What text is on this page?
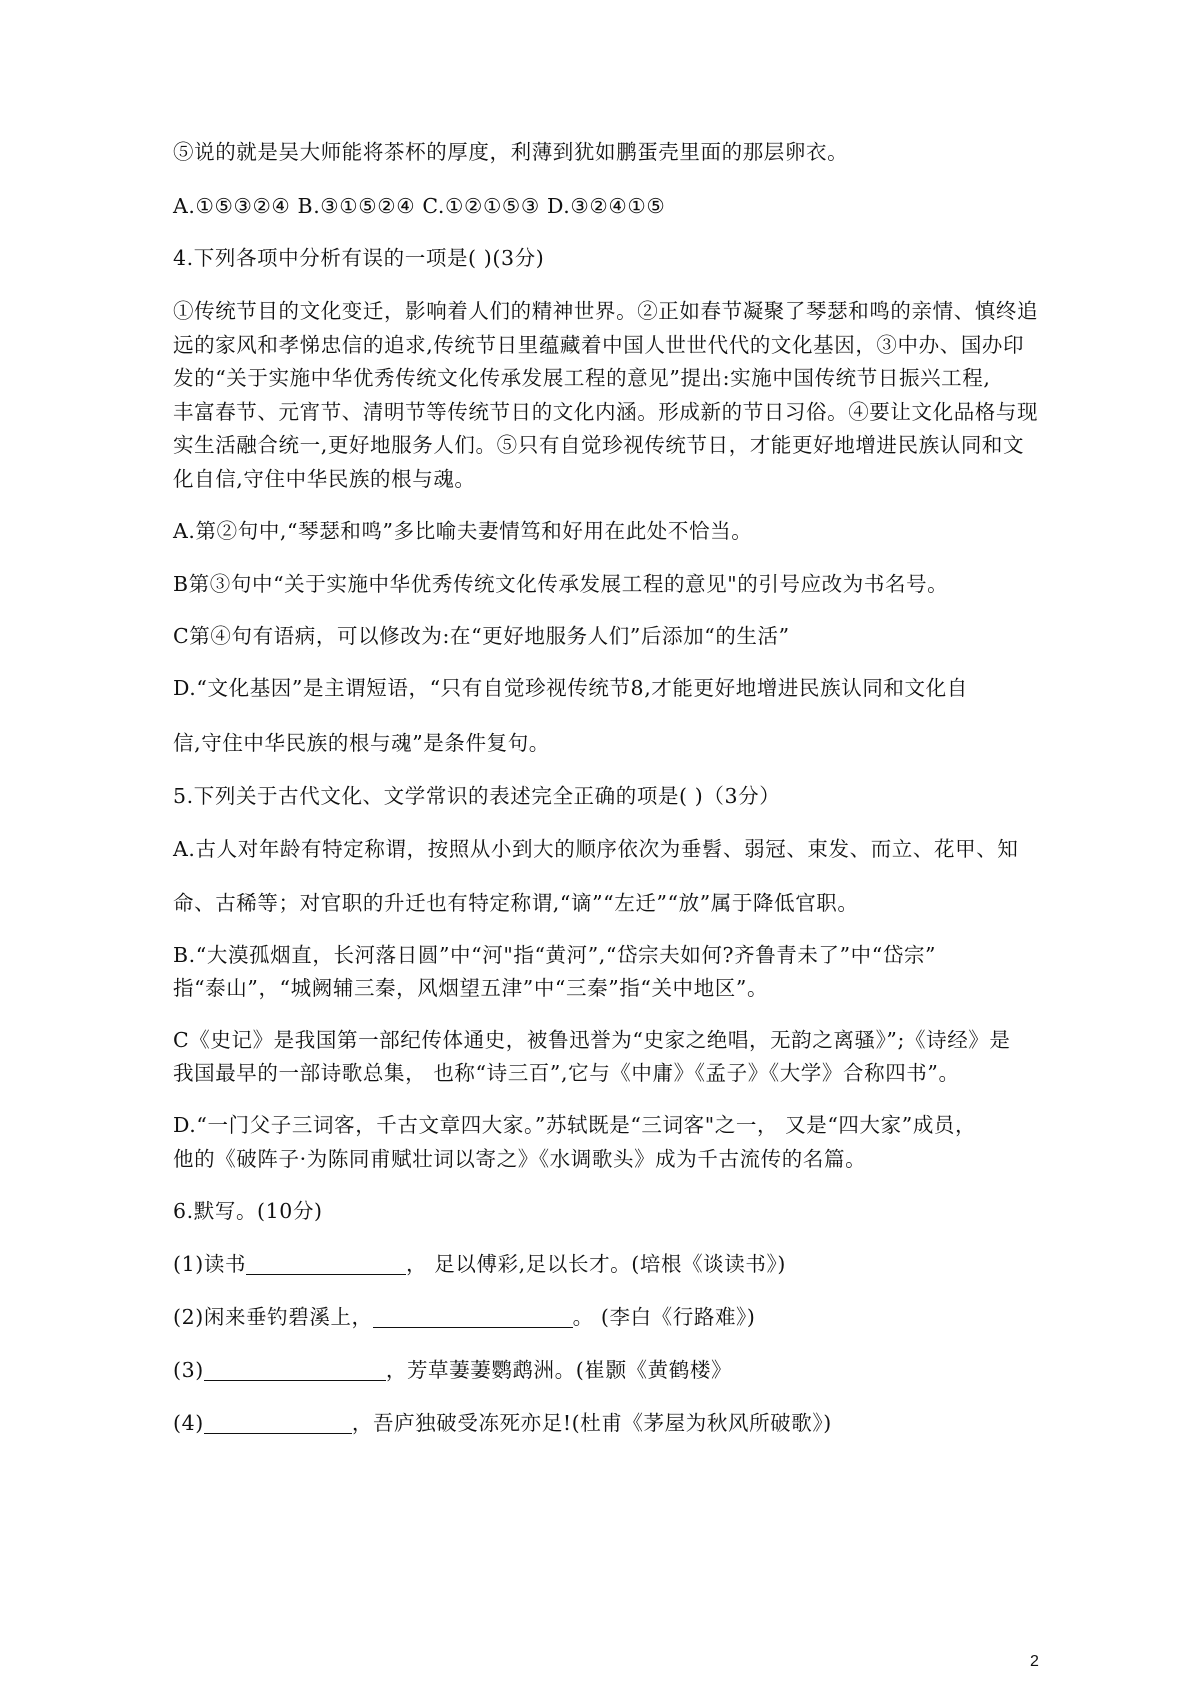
⑤说的就是吴大师能将茶杯的厚度，利薄到犹如鹏蛋壳里面的那层卵衣。
A.①⑤③②④ B.③①⑤②④ C.①②①⑤③ D.③②④①⑤
4.下列各项中分析有误的一项是( )(3分)
①传统节目的文化变迁，影响着人们的精神世界。②正如春节凝聚了琴瑟和鸣的亲情、慎终追
远的家风和孝悌忠信的追求,传统节日里蕴藏着中国人世世代代的文化基因，③中办、国办印
发的“关于实施中华优秀传统文化传承发展工程的意见”提出:实施中国传统节日振兴工程,
丰富春节、元宵节、清明节等传统节日的文化内涵。形成新的节日习俗。④要让文化品格与现
实生活融合统一,更好地服务人们。⑤只有自觉珍视传统节日，才能更好地增进民族认同和文
化自信,守住中华民族的根与魂。
A.第②句中,“琴瑟和鸣”多比喻夫妻情笃和好用在此处不恰当。
B第③句中“关于实施中华优秀传统文化传承发展工程的意见"的引号应改为书名号。
C第④句有语病，可以修改为:在“更好地服务人们”后添加“的生活”
D.“文化基因”是主谓短语，“只有自觉珍视传统节8,才能更好地增进民族认同和文化自
信,守住中华民族的根与魂”是条件复句。
5.下列关于古代文化、文学常识的表述完全正确的项是( )（3分）
A.古人对年龄有特定称谓，按照从小到大的顺序依次为垂髫、弱冠、束发、而立、花甲、知
命、古稀等；对官职的升迁也有特定称谓,“谪”“左迁”“放”属于降低官职。
B.“大漠孤烟直，长河落日圆”中“河"指“黄河”,“岱宗夫如何?齐鲁青未了”中“岱宗”
指“泰山”，“城阙辅三秦，风烟望五津”中“三秦”指“关中地区”。
C《史记》是我国第一部纪传体通史，被鲁迅誉为“史家之绝唱，无韵之离骚》”;《诗经》是
我国最早的一部诗歌总集， 也称“诗三百”,它与《中庸》《孟子》《大学》合称四书”。
D.“一门父子三词客，千古文章四大家。”苏轼既是“三词客"之一， 又是“四大家”成员，
他的《破阵子·为陈同甫赋壮词以寄之》《水调歌头》成为千古流传的名篇。
6.默写。(10分)
(1)读书	， 足以傅彩,足以长才。(培根《谈读书》)
(2)闲来垂钓碧溪上，	。 (李白《行路难》)
(3)	，芳草萋萋鹦鹉洲。(崔颢《黄鹤楼》
(4)	，吾庐独破受冻死亦足!(杜甫《茅屋为秋风所破歌》)
2
